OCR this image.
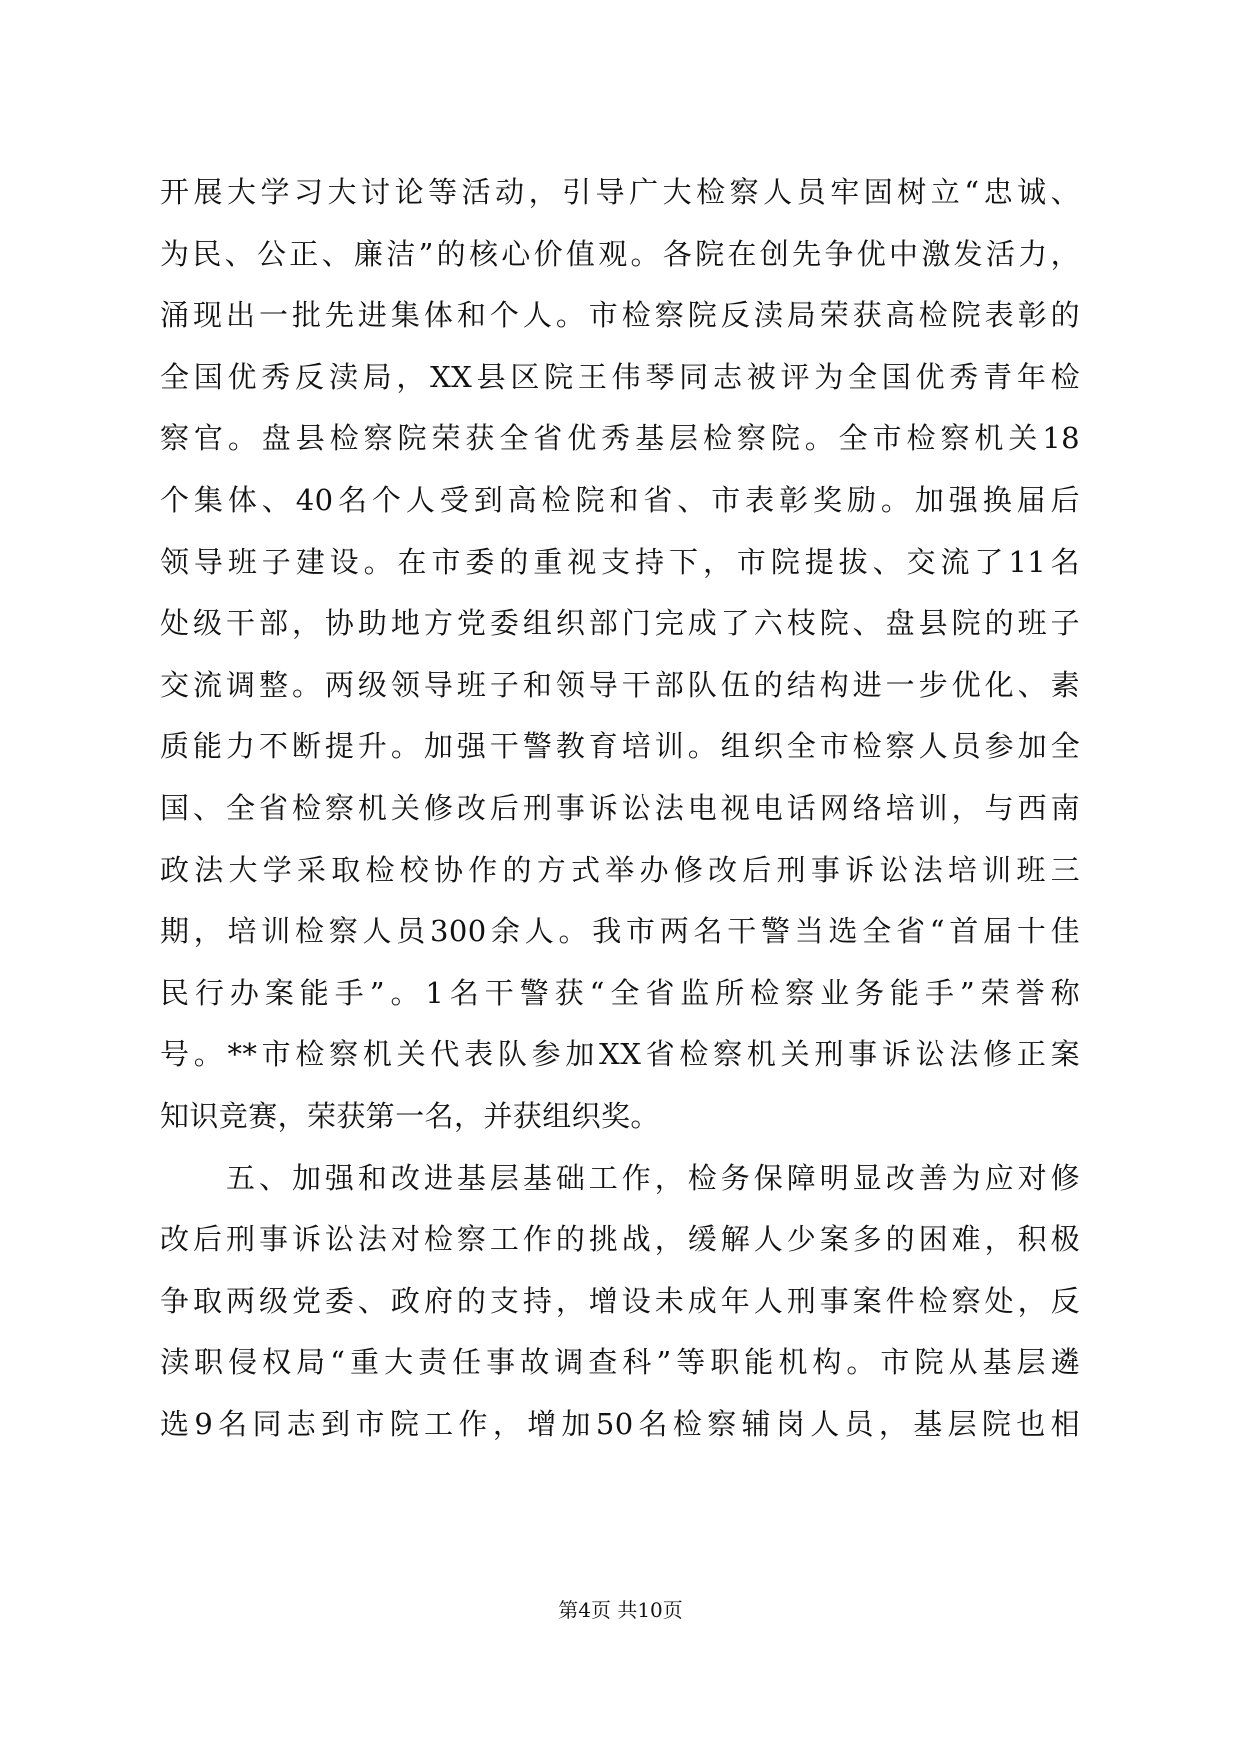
开展大学习大讨论等活动，引导广大检察人员牢固树立“忠诚、
为民、公正、廉洁”的核心价值观。各院在创先争优中激发活力，
涌现出一批先进集体和个人。市检察院反渎局荣获高检院表彰的
全国优秀反渎局，XX县区院王伟琴同志被评为全国优秀青年检
察官。盘县检察院荣获全省优秀基层检察院。全市检察机关18
个集体、40名个人受到高检院和省、市表彰奖励。加强换届后
领导班子建设。在市委的重视支持下，市院提拔、交流了11名
处级干部，协助地方党委组织部门完成了六枝院、盘县院的班子
交流调整。两级领导班子和领导干部队伍的结构进一步优化、素
质能力不断提升。加强干警教育培训。组织全市检察人员参加全
国、全省检察机关修改后刑事诉讼法电视电话网络培训，与西南
政法大学采取检校协作的方式举办修改后刑事诉讼法培训班三
期，培训检察人员300余人。我市两名干警当选全省“首届十佳
民行办案能手”。1名干警获“全省监所检察业务能手”荣誉称
号。**市检察机关代表队参加XX省检察机关刑事诉讼法修正案
知识竞赛，荣获第一名，并获组织奖。
　　五、加强和改进基层基础工作，检务保障明显改善为应对修
改后刑事诉讼法对检察工作的挑战，缓解人少案多的困难，积极
争取两级党委、政府的支持，增设未成年人刑事案件检察处，反
渎职侵权局“重大责任事故调查科”等职能机构。市院从基层遴
选9名同志到市院工作，增加50名检察辅岗人员，基层院也相
第4页 共10页
